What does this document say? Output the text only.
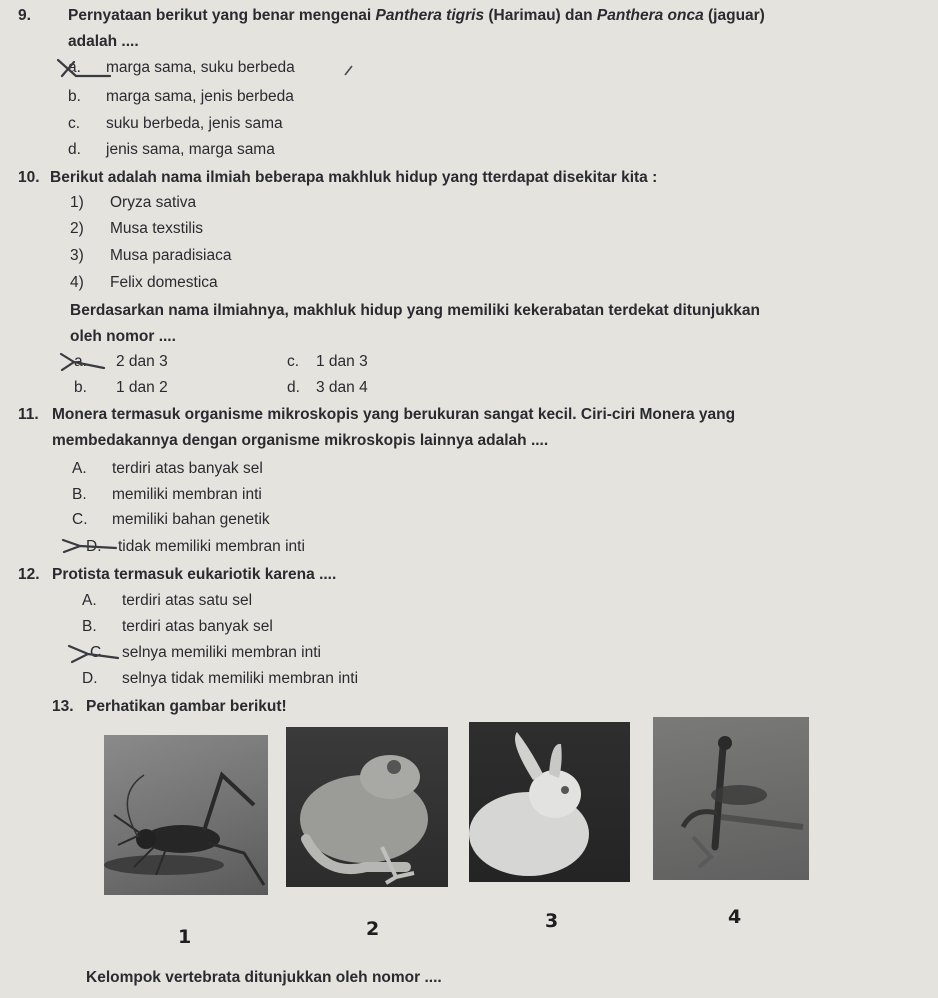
9. Pernyataan berikut yang benar mengenai Panthera tigris (Harimau) dan Panthera onca (jaguar)
adalah ....
a. marga sama, suku berbeda
b. marga sama, jenis berbeda
c. suku berbeda, jenis sama
d. jenis sama, marga sama
10. Berikut adalah nama ilmiah beberapa makhluk hidup yang tterdapat disekitar kita :
1) Oryza sativa
2) Musa texstilis
3) Musa paradisiaca
4) Felix domestica
Berdasarkan nama ilmiahnya, makhluk hidup yang memiliki kekerabatan terdekat ditunjukkan
oleh nomor ....
a. 2 dan 3	c. 1 dan 3
b. 1 dan 2	d. 3 dan 4
11. Monera termasuk organisme mikroskopis yang berukuran sangat kecil. Ciri-ciri Monera yang
membedakannya dengan organisme mikroskopis lainnya adalah ....
A. terdiri atas banyak sel
B. memiliki membran inti
C. memiliki bahan genetik
D. tidak memiliki membran inti
12. Protista termasuk eukariotik karena ....
A. terdiri atas satu sel
B. terdiri atas banyak sel
C. selnya memiliki membran inti
D. selnya tidak memiliki membran inti
13. Perhatikan gambar berikut!
1	2	3	4
Kelompok vertebrata ditunjukkan oleh nomor ....
